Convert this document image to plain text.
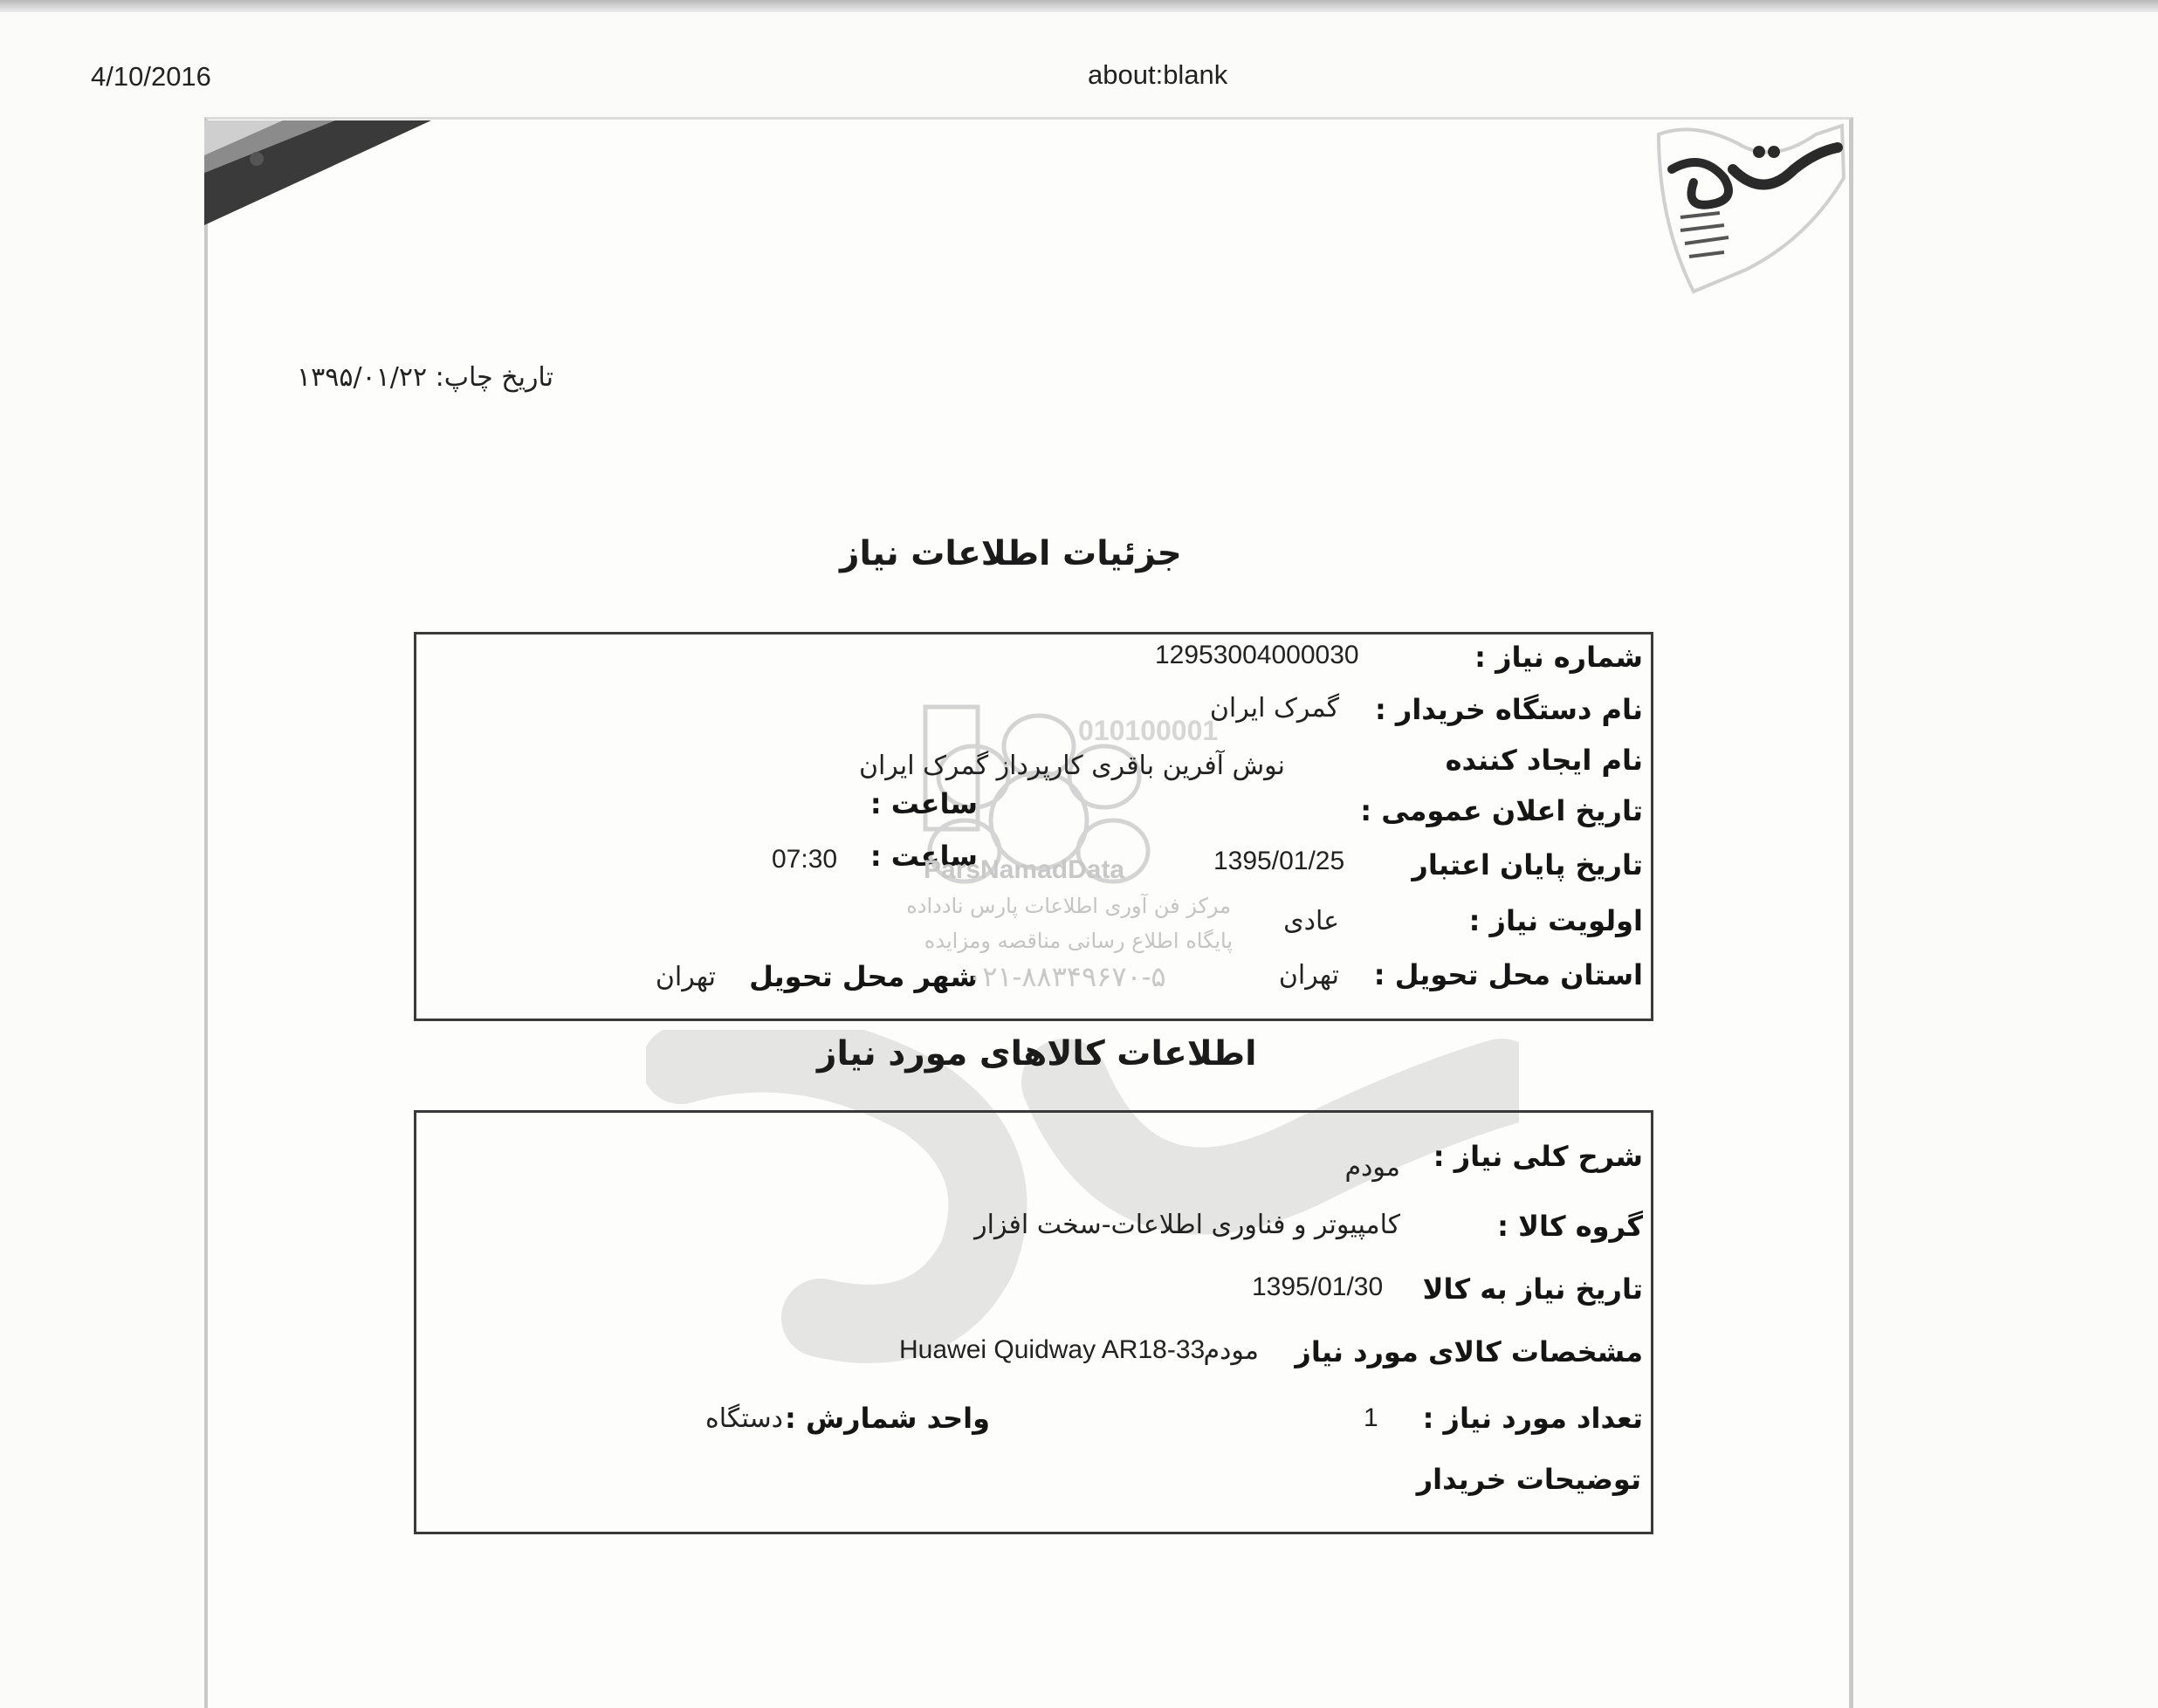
4/10/2016	about:blank
تاریخ چاپ: ۱۳۹۵/۰۱/۲۲
جزئیات اطلاعات نیاز
010100001
شماره نیاز :
12953004000030
نام دستگاه خریدار :
گمرک ایران
نام ایجاد کننده
نوش آفرین باقری کارپرداز گمرک ایران
تاریخ اعلان عمومی :
ساعت :
تاریخ پایان اعتبار
1395/01/25
ساعت :
07:30
اولویت نیاز :
عادی
استان محل تحویل :
تهران
شهر محل تحویل
تهران
ParsNamadData
مرکز فن آوری اطلاعات پارس نادداده
پایگاه اطلاع رسانی مناقصه ومزایده
۰۲۱-۸۸۳۴۹۶۷۰-۵
اطلاعات کالاهای مورد نیاز
شرح کلی نیاز :
مودم
گروه کالا :
کامپیوتر و فناوری اطلاعات-سخت افزار
تاریخ نیاز به کالا
1395/01/30
مشخصات کالای مورد نیاز
مودم
Huawei Quidway AR18-33
تعداد مورد نیاز :
1
واحد شمارش :
دستگاه
توضیحات خریدار
